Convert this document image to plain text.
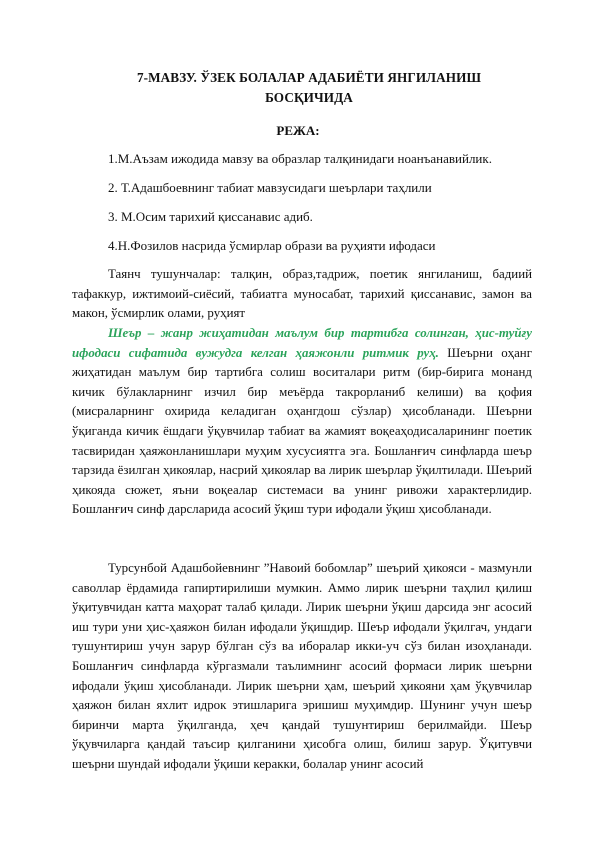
7-МАВЗУ. ЎЗЕК БОЛАЛАР АДАБИЁТИ ЯНГИЛАНИШ БОСҚИЧИДА
РЕЖА:
1.М.Аъзам ижодида мавзу ва образлар талқинидаги ноанъанавийлик.
2. Т.Адашбоевнинг табиат мавзусидаги шеърлари таҳлили
3. М.Осим тарихий қиссанавис адиб.
4.Н.Фозилов насрида ўсмирлар образи ва руҳияти ифодаси

Таянч тушунчалар: талқин, образ,тадриж, поетик янгиланиш, бадиий тафаккур, ижтимоий-сиёсий, табиатга муносабат, тарихий қиссанавис, замон ва макон, ўсмирлик олами, руҳият

Шеър – жанр жиҳатидан маълум бир тартибга солинган, ҳис-туйғу ифодаси сифатида вужудга келган ҳаяжонли ритмик руҳ. Шеърни оҳанг жиҳатидан маълум бир тартибга солиш воситалари ритм (бир-бирига монанд кичик бўлакларнинг изчил бир меъёрда такрорланиб келиши) ва қофия (мисраларнинг охирида келадиган оҳангдош сўзлар) ҳисобланади. Шеърни ўқиганда кичик ёшдаги ўқувчилар табиат ва жамият воқеаҳодисаларининг поетик тасвиридан ҳаяжонланишлари муҳим хусусиятга эга. Бошланғич синфларда шеър тарзида ёзилган ҳикоялар, насрий ҳикоялар ва лирик шеърлар ўқилтилади. Шеърий ҳикояда сюжет, яъни воқеалар системаси ва унинг ривожи характерлидир. Бошланғич синф дарсларида асосий ўқиш тури ифодали ўқиш ҳисобланади.

Турсунбой Адашбойевнинг ”Навоий бобомлар” шеърий ҳикояси - мазмунли саволлар ёрдамида гапиртирилиши мумкин. Аммо лирик шеърни таҳлил қилиш ўқитувчидан катта маҳорат талаб қилади. Лирик шеърни ўқиш дарсида энг асосий иш тури уни ҳис-ҳаяжон билан ифодали ўқишдир. Шеър ифодали ўқилгач, ундаги тушунтириш учун зарур бўлган сўз ва иборалар икки-уч сўз билан изоҳланади. Бошланғич синфларда кўргазмали таълимнинг асосий формаси лирик шеърни ифодали ўқиш ҳисобланади. Лирик шеърни ҳам, шеърий ҳикояни ҳам ўқувчилар ҳаяжон билан яхлит идрок этишларига эришиш муҳимдир. Шунинг учун шеър биринчи марта ўқилганда, ҳеч қандай тушунтириш берилмайди. Шеър ўқувчиларга қандай таъсир қилганини ҳисобга олиш, билиш зарур. Ўқитувчи шеърни шундай ифодали ўқиши керакки, болалар унинг асосий
